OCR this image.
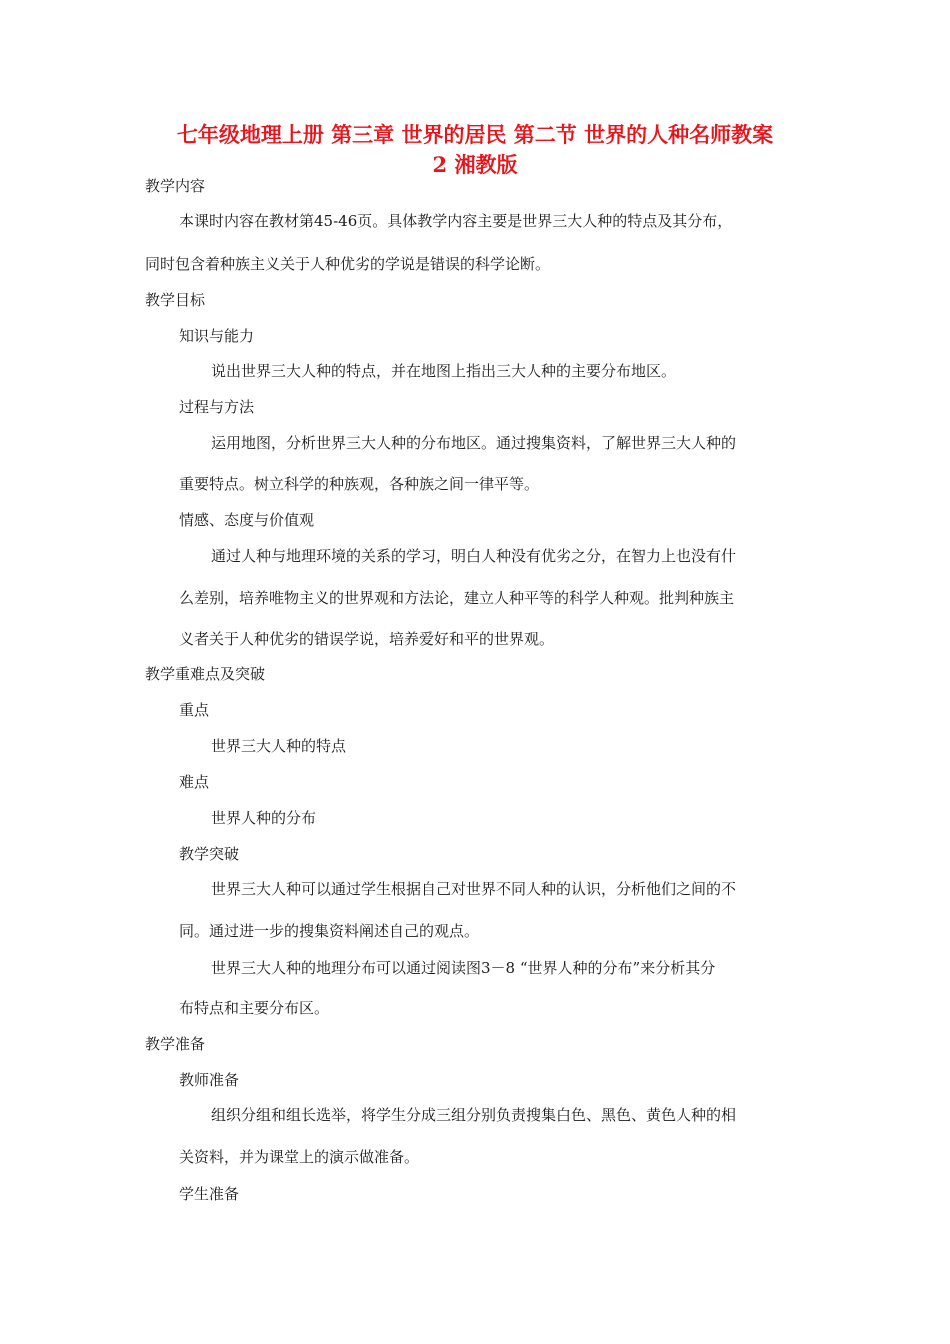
七年级地理上册 第三章 世界的居民 第二节 世界的人种名师教案
2 湘教版

教学内容

本课时内容在教材第45-46页。具体教学内容主要是世界三大人种的特点及其分布，

同时包含着种族主义关于人种优劣的学说是错误的科学论断。

教学目标

知识与能力

说出世界三大人种的特点，并在地图上指出三大人种的主要分布地区。

过程与方法

运用地图，分析世界三大人种的分布地区。通过搜集资料，了解世界三大人种的

重要特点。树立科学的种族观，各种族之间一律平等。

情感、态度与价值观

通过人种与地理环境的关系的学习，明白人种没有优劣之分，在智力上也没有什

么差别，培养唯物主义的世界观和方法论，建立人种平等的科学人种观。批判种族主

义者关于人种优劣的错误学说，培养爱好和平的世界观。

教学重难点及突破

重点

世界三大人种的特点

难点

世界人种的分布

教学突破

世界三大人种可以通过学生根据自己对世界不同人种的认识，分析他们之间的不

同。通过进一步的搜集资料阐述自己的观点。

世界三大人种的地理分布可以通过阅读图3－8 “世界人种的分布”来分析其分

布特点和主要分布区。

教学准备

教师准备

组织分组和组长选举，将学生分成三组分别负责搜集白色、黑色、黄色人种的相

关资料，并为课堂上的演示做准备。

学生准备
